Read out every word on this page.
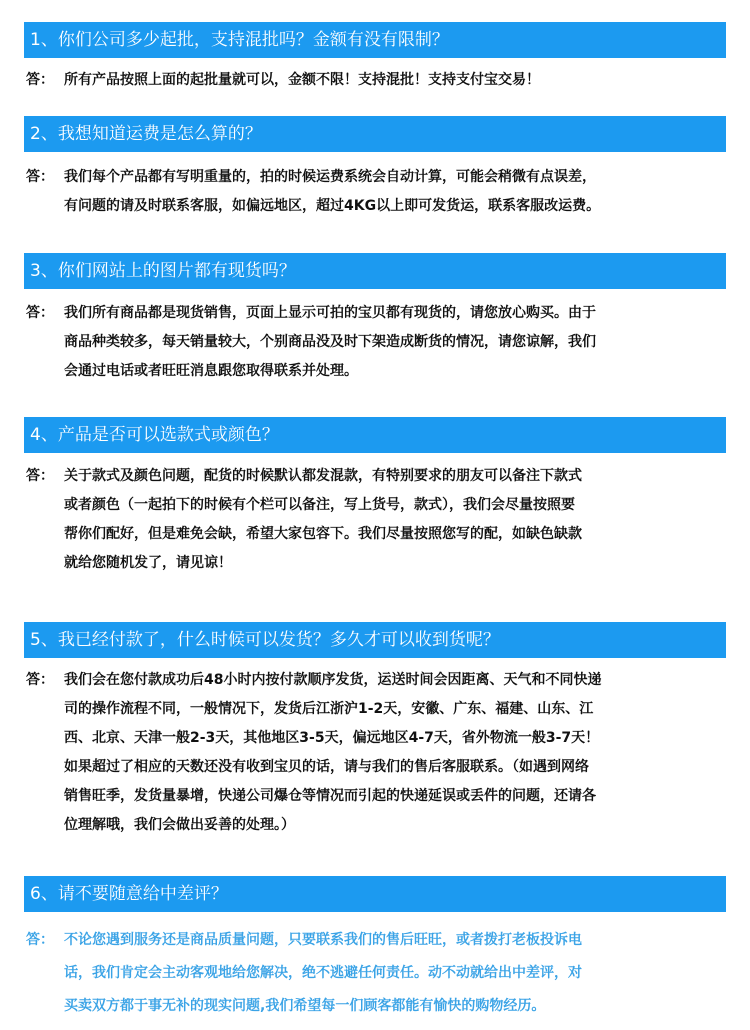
1、你们公司多少起批，支持混批吗？金额有没有限制？
答： 所有产品按照上面的起批量就可以，金额不限！支持混批！支持支付宝交易！
2、我想知道运费是怎么算的？
答： 我们每个产品都有写明重量的，拍的时候运费系统会自动计算，可能会稍微有点误差，
有问题的请及时联系客服，如偏远地区，超过4KG以上即可发货运，联系客服改运费。
3、你们网站上的图片都有现货吗？
答： 我们所有商品都是现货销售，页面上显示可拍的宝贝都有现货的，请您放心购买。由于
商品种类较多，每天销量较大，个别商品没及时下架造成断货的情况，请您谅解，我们
会通过电话或者旺旺消息跟您取得联系并处理。
4、产品是否可以选款式或颜色？
答： 关于款式及颜色问题，配货的时候默认都发混款，有特别要求的朋友可以备注下款式
或者颜色（一起拍下的时候有个栏可以备注，写上货号，款式），我们会尽量按照要
帮你们配好，但是难免会缺，希望大家包容下。我们尽量按照您写的配，如缺色缺款
就给您随机发了，请见谅！
5、我已经付款了，什么时候可以发货？多久才可以收到货呢？
答： 我们会在您付款成功后48小时内按付款顺序发货，运送时间会因距离、天气和不同快递
司的操作流程不同，一般情况下，发货后江浙沪1-2天，安徽、广东、福建、山东、江
西、北京、天津一般2-3天，其他地区3-5天，偏远地区4-7天，省外物流一般3-7天！
如果超过了相应的天数还没有收到宝贝的话，请与我们的售后客服联系。（如遇到网络
销售旺季，发货量暴增，快递公司爆仓等情况而引起的快递延误或丢件的问题，还请各
位理解哦，我们会做出妥善的处理。）
6、请不要随意给中差评？
答： 不论您遇到服务还是商品质量问题，只要联系我们的售后旺旺，或者拨打老板投诉电
话，我们肯定会主动客观地给您解决，绝不逃避任何责任。动不动就给出中差评，对
买卖双方都于事无补的现实问题,我们希望每一们顾客都能有愉快的购物经历。
